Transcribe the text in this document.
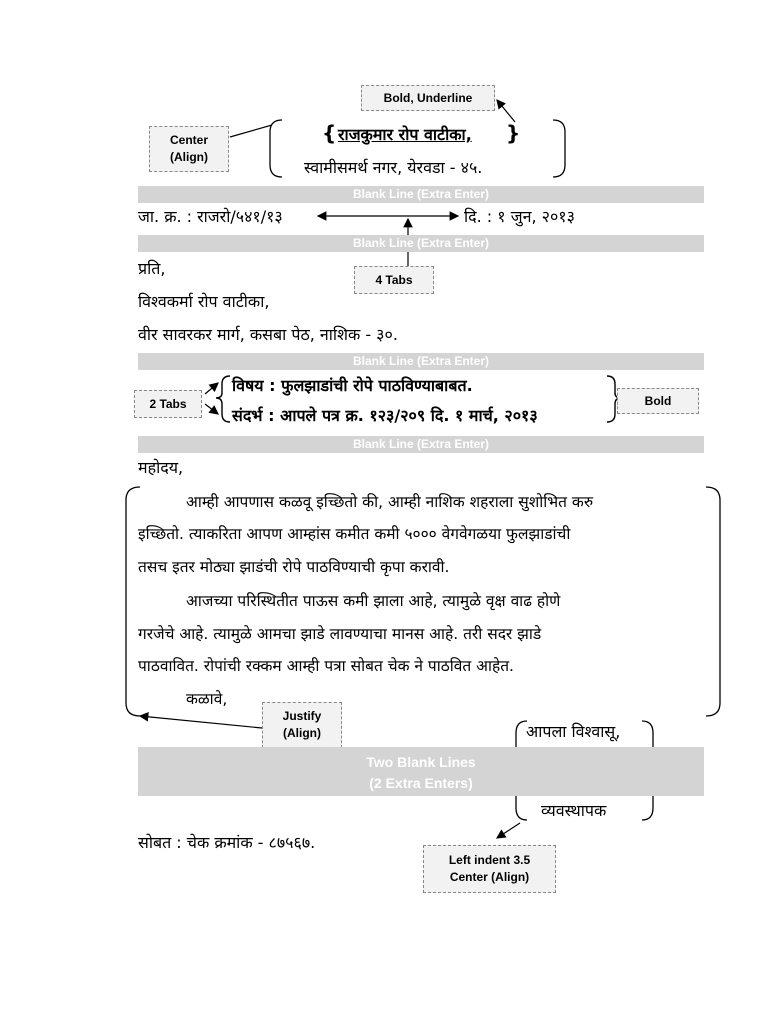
{ राजकुमार रोप वाटीका, }
स्वामीसमर्थ नगर, येरवडा - ४५.
Bold, Underline
Center
(Align)
Blank Line (Extra Enter)
जा. क्र. : राजरो/५४१/१३	दि. : १ जुन, २०१३
Blank Line (Extra Enter)
4 Tabs
प्रति,
विश्वकर्मा रोप वाटीका,
वीर सावरकर मार्ग, कसबा पेठ, नाशिक - ३०.
Blank Line (Extra Enter)
विषय : फुलझाडांची रोपे पाठविण्याबाबत.
संदर्भ : आपले पत्र क्र. १२३/२०९ दि. १ मार्च, २०१३
2 Tabs	Bold
Blank Line (Extra Enter)
महोदय,
आम्ही आपणास कळवू इच्छितो की, आम्ही नाशिक शहराला सुशोभित करु
इच्छितो. त्याकरिता आपण आम्हांस कमीत कमी ५००० वेगवेगळया फुलझाडांची
तसच इतर मोठ्या झाडंची रोपे पाठविण्याची कृपा करावी.
आजच्या परिस्थितीत पाऊस कमी झाला आहे, त्यामुळे वृक्ष वाढ होणे
गरजेचे आहे. त्यामुळे आमचा झाडे लावण्याचा मानस आहे. तरी सदर झाडे
पाठवावित. रोपांची रक्कम आम्ही पत्रा सोबत चेक ने पाठवित आहेत.
कळावे,
Justify
(Align)
Two Blank Lines
(2 Extra Enters)
आपला विश्वासू,
व्यवस्थापक
सोबत : चेक क्रमांक - ८७५६७.
Left indent 3.5
Center (Align)
